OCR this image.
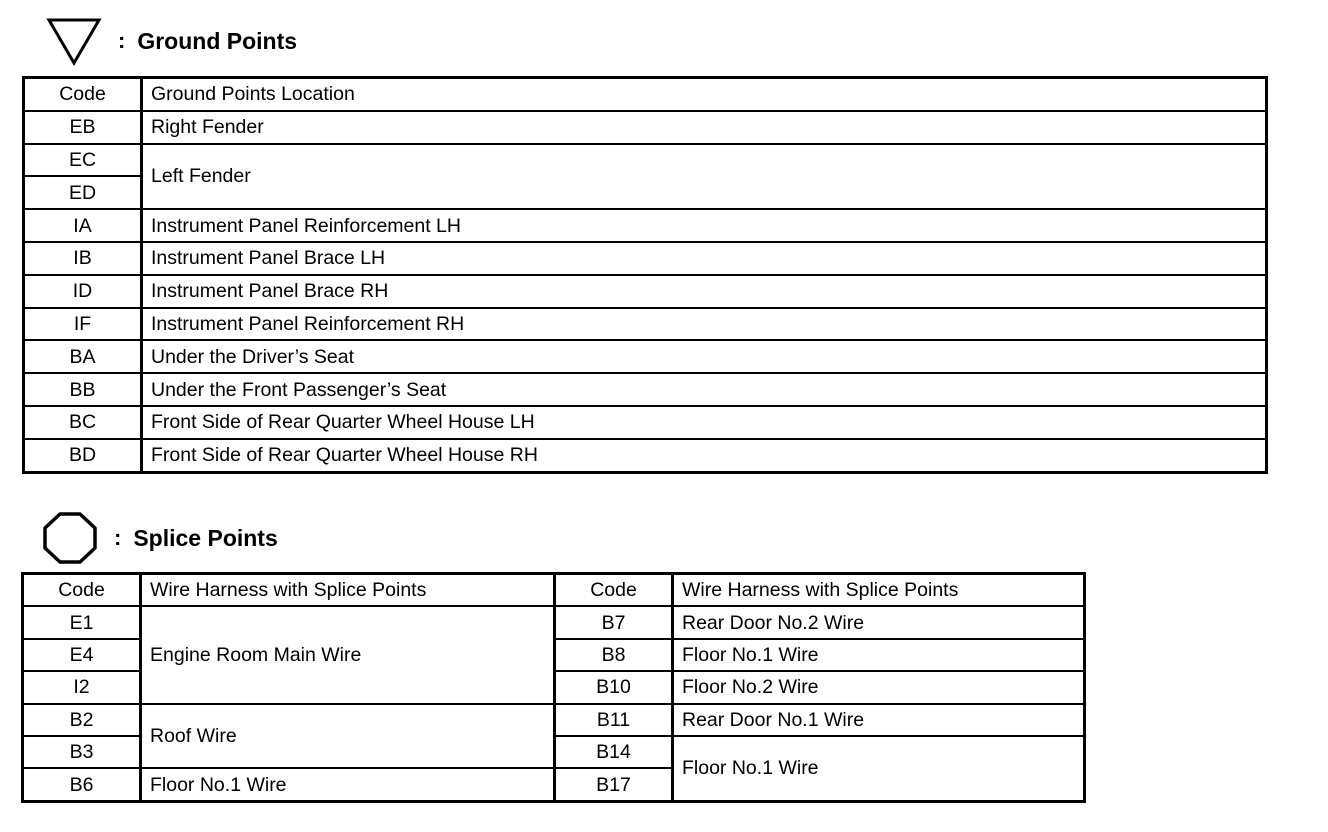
: Ground Points
Code	Ground Points Location
EB	Right Fender
EC	Left Fender
ED	
IA	Instrument Panel Reinforcement LH
IB	Instrument Panel Brace LH
ID	Instrument Panel Brace RH
IF	Instrument Panel Reinforcement RH
BA	Under the Driver’s Seat
BB	Under the Front Passenger’s Seat
BC	Front Side of Rear Quarter Wheel House LH
BD	Front Side of Rear Quarter Wheel House RH
: Splice Points
Code	Wire Harness with Splice Points	Code	Wire Harness with Splice Points
E1	Engine Room Main Wire	B7	Rear Door No.2 Wire
E4		B8	Floor No.1 Wire
I2		B10	Floor No.2 Wire
B2	Roof Wire	B11	Rear Door No.1 Wire
B3		B14	Floor No.1 Wire
B6	Floor No.1 Wire	B17	
